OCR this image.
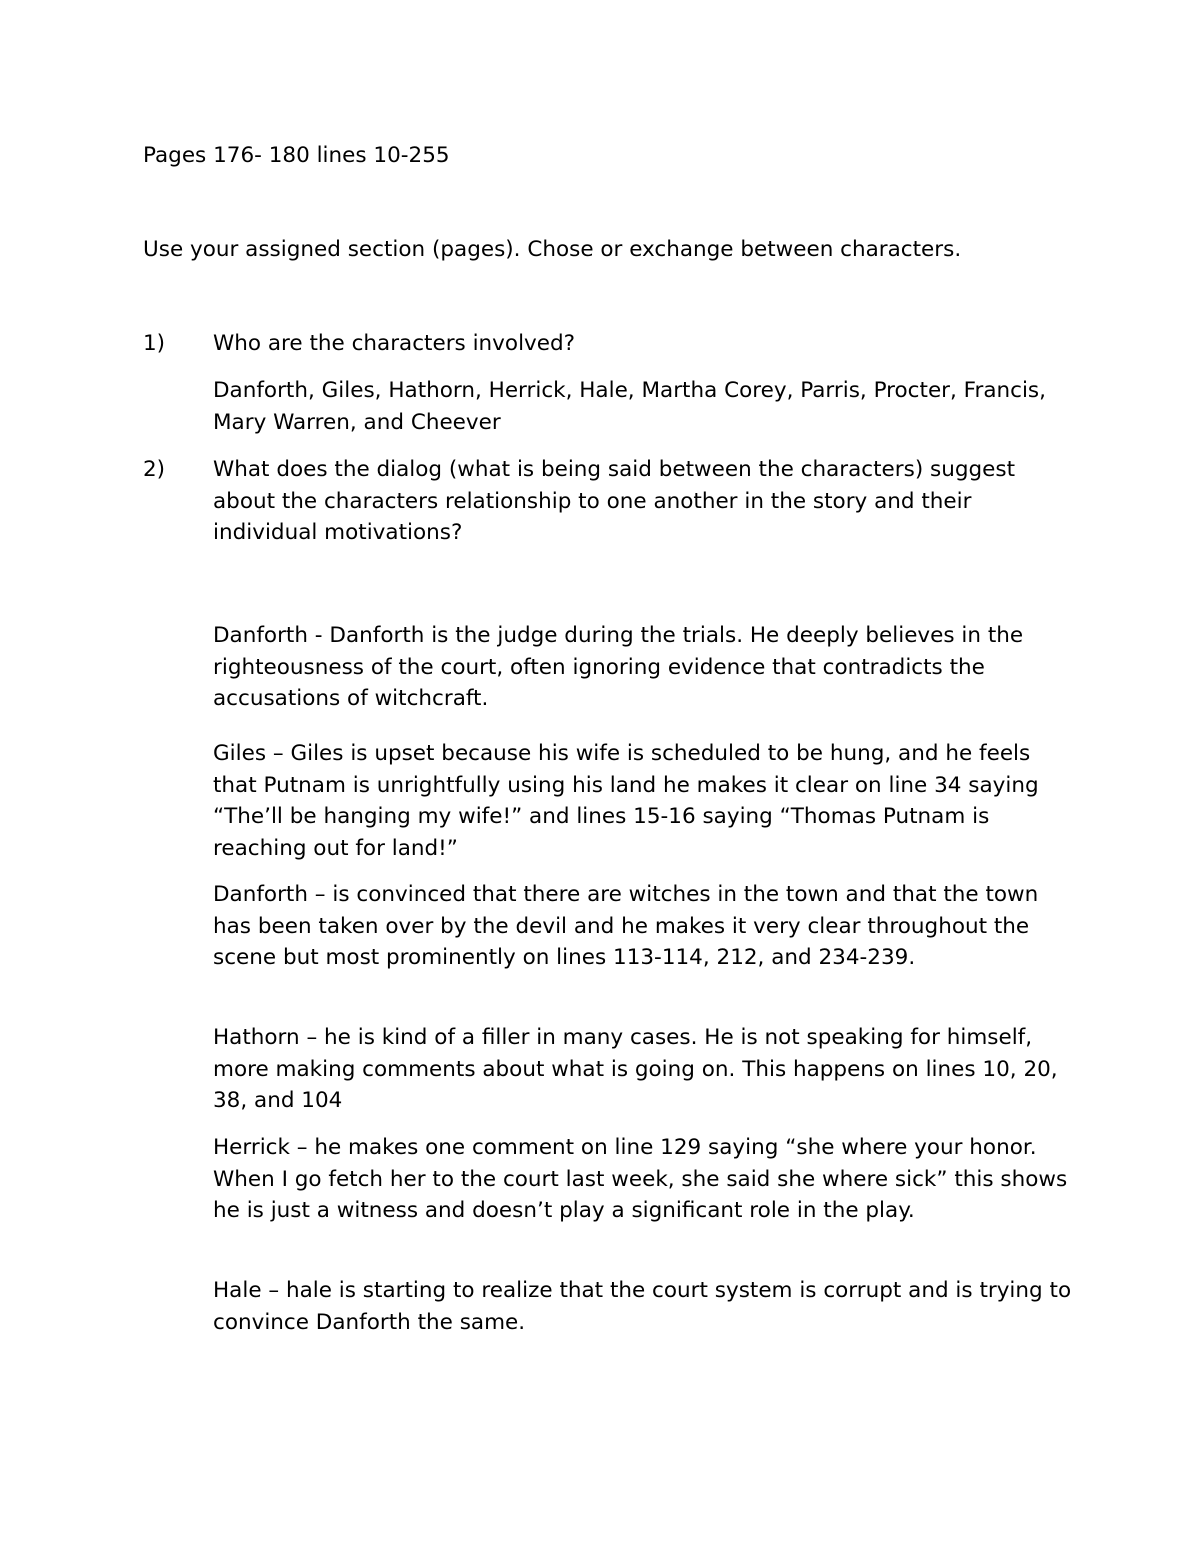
Pages 176- 180 lines 10-255

Use your assigned section (pages). Chose or exchange between characters.

1)	Who are the characters involved?

Danforth, Giles, Hathorn, Herrick, Hale, Martha Corey, Parris, Procter, Francis, Mary Warren, and Cheever

2)	What does the dialog (what is being said between the characters) suggest about the characters relationship to one another in the story and their individual motivations?

Danforth - Danforth is the judge during the trials. He deeply believes in the righteousness of the court, often ignoring evidence that contradicts the accusations of witchcraft.

Giles – Giles is upset because his wife is scheduled to be hung, and he feels that Putnam is unrightfully using his land he makes it clear on line 34 saying “The’ll be hanging my wife!” and lines 15-16 saying “Thomas Putnam is reaching out for land!”

Danforth – is convinced that there are witches in the town and that the town has been taken over by the devil and he makes it very clear throughout the scene but most prominently on lines 113-114, 212, and 234-239.

Hathorn – he is kind of a filler in many cases. He is not speaking for himself, more making comments about what is going on. This happens on lines 10, 20, 38, and 104

Herrick – he makes one comment on line 129 saying “she where your honor. When I go fetch her to the court last week, she said she where sick” this shows he is just a witness and doesn’t play a significant role in the play.

Hale – hale is starting to realize that the court system is corrupt and is trying to convince Danforth the same.
